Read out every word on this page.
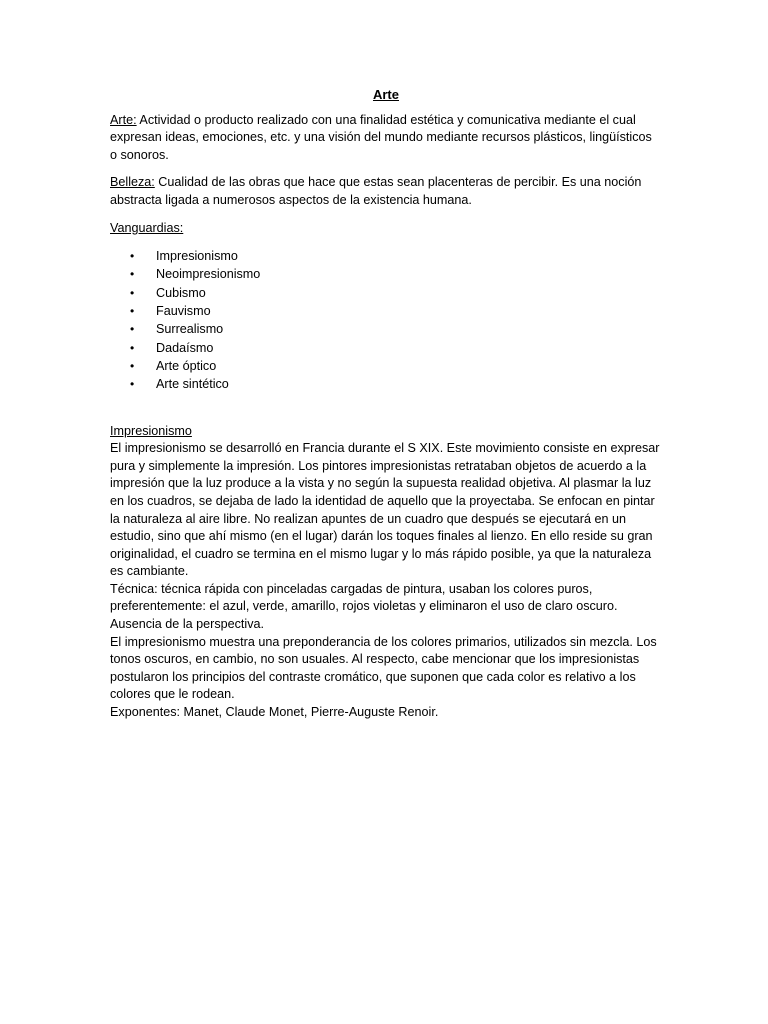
Arte

Arte: Actividad o producto realizado con una finalidad estética y comunicativa mediante el cual expresan ideas, emociones, etc. y una visión del mundo mediante recursos plásticos, lingüísticos o sonoros.

Belleza: Cualidad de las obras que hace que estas sean placenteras de percibir. Es una noción abstracta ligada a numerosos aspectos de la existencia humana.

Vanguardias:

• Impresionismo
• Neoimpresionismo
• Cubismo
• Fauvismo
• Surrealismo
• Dadaísmo
• Arte óptico
• Arte sintético

Impresionismo

El impresionismo se desarrolló en Francia durante el S XIX. Este movimiento consiste en expresar pura y simplemente la impresión. Los pintores impresionistas retrataban objetos de acuerdo a la impresión que la luz produce a la vista y no según la supuesta realidad objetiva. Al plasmar la luz en los cuadros, se dejaba de lado la identidad de aquello que la proyectaba. Se enfocan en pintar la naturaleza al aire libre. No realizan apuntes de un cuadro que después se ejecutará en un estudio, sino que ahí mismo (en el lugar) darán los toques finales al lienzo. En ello reside su gran originalidad, el cuadro se termina en el mismo lugar y lo más rápido posible, ya que la naturaleza es cambiante.

Técnica: técnica rápida con pinceladas cargadas de pintura, usaban los colores puros, preferentemente: el azul, verde, amarillo, rojos violetas y eliminaron el uso de claro oscuro. Ausencia de la perspectiva.

El impresionismo muestra una preponderancia de los colores primarios, utilizados sin mezcla. Los tonos oscuros, en cambio, no son usuales. Al respecto, cabe mencionar que los impresionistas postularon los principios del contraste cromático, que suponen que cada color es relativo a los colores que le rodean.

Exponentes: Manet, Claude Monet, Pierre-Auguste Renoir.
